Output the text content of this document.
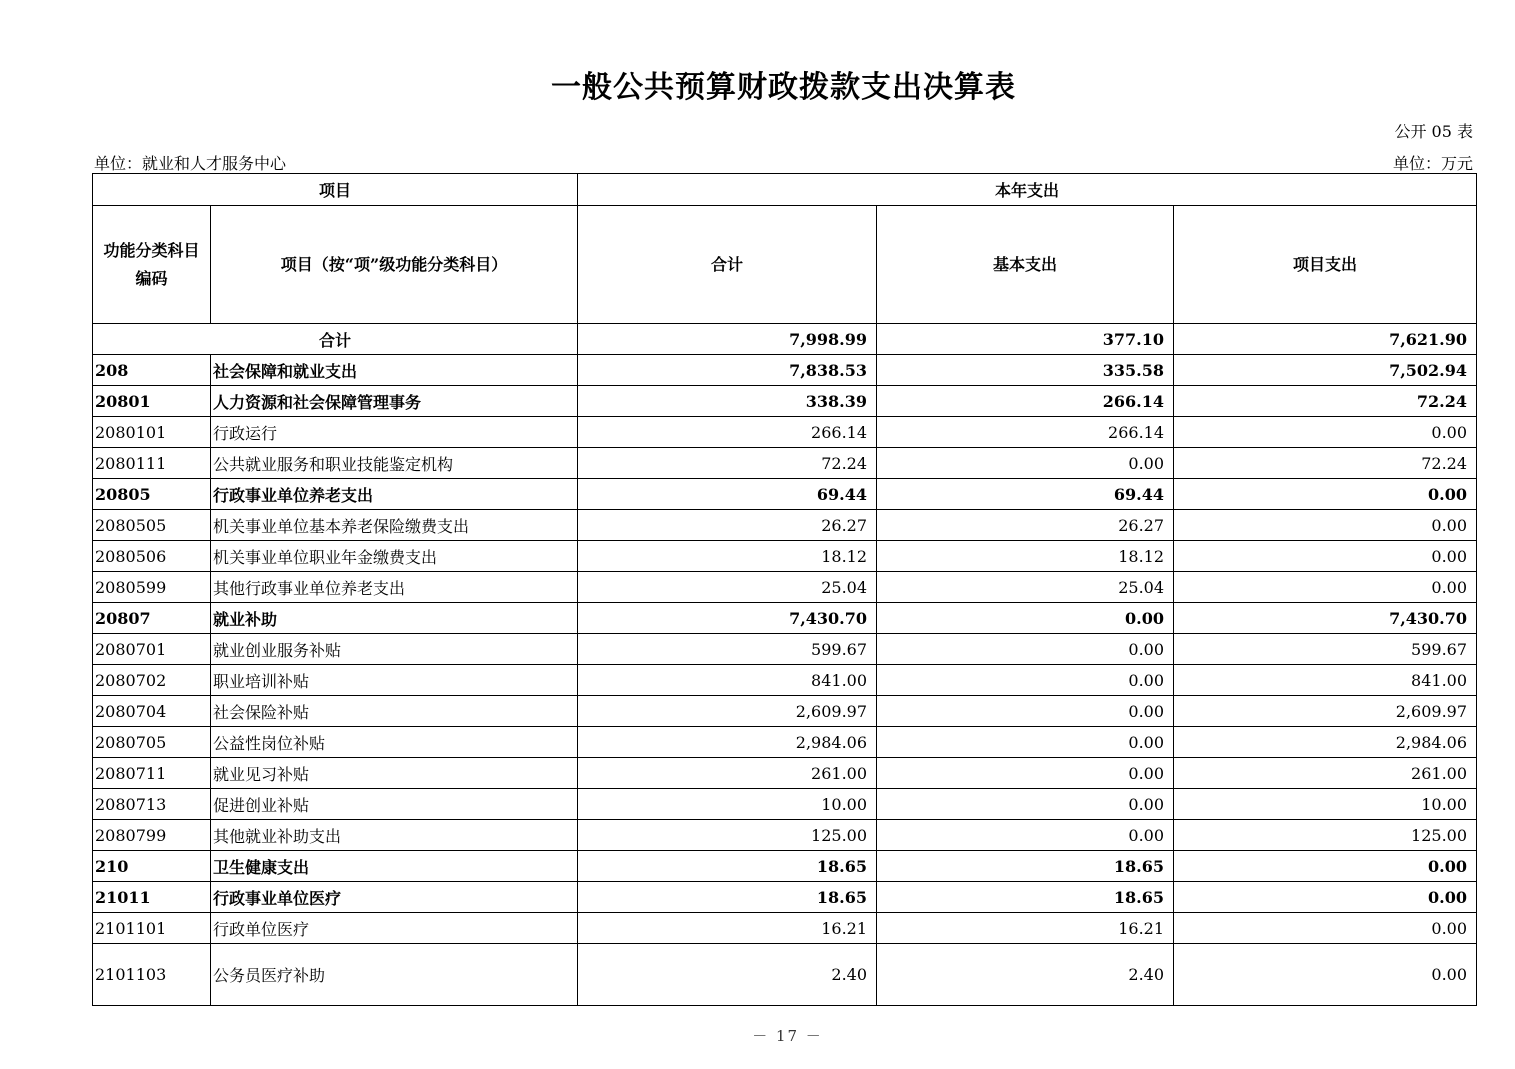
一般公共预算财政拨款支出决算表
公开 05 表
单位：就业和人才服务中心	单位：万元
项目		本年支出		
功能分类科目编码	项目（按“项”级功能分类科目）	合计	基本支出	项目支出
合计		7,998.99	377.10	7,621.90
208	社会保障和就业支出	7,838.53	335.58	7,502.94
20801	人力资源和社会保障管理事务	338.39	266.14	72.24
2080101	行政运行	266.14	266.14	0.00
2080111	公共就业服务和职业技能鉴定机构	72.24	0.00	72.24
20805	行政事业单位养老支出	69.44	69.44	0.00
2080505	机关事业单位基本养老保险缴费支出	26.27	26.27	0.00
2080506	机关事业单位职业年金缴费支出	18.12	18.12	0.00
2080599	其他行政事业单位养老支出	25.04	25.04	0.00
20807	就业补助	7,430.70	0.00	7,430.70
2080701	就业创业服务补贴	599.67	0.00	599.67
2080702	职业培训补贴	841.00	0.00	841.00
2080704	社会保险补贴	2,609.97	0.00	2,609.97
2080705	公益性岗位补贴	2,984.06	0.00	2,984.06
2080711	就业见习补贴	261.00	0.00	261.00
2080713	促进创业补贴	10.00	0.00	10.00
2080799	其他就业补助支出	125.00	0.00	125.00
210	卫生健康支出	18.65	18.65	0.00
21011	行政事业单位医疗	18.65	18.65	0.00
2101101	行政单位医疗	16.21	16.21	0.00
2101103	公务员医疗补助	2.40	2.40	0.00
－ 17 －
